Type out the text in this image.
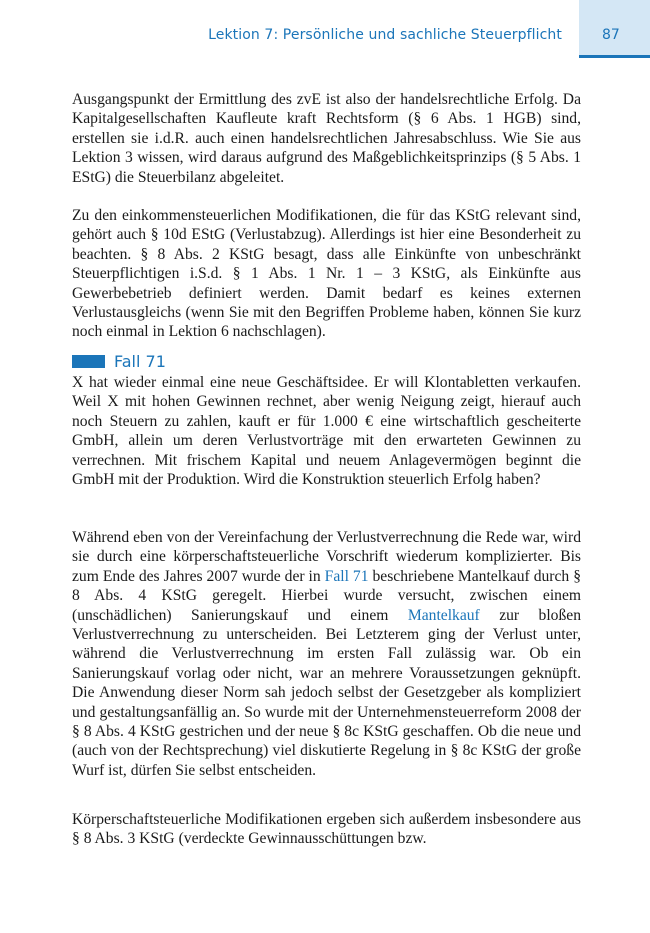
Lektion 7: Persönliche und sachliche Steuerpflicht	87

Ausgangspunkt der Ermittlung des zvE ist also der handelsrechtliche Erfolg. Da Kapitalgesellschaften Kaufleute kraft Rechtsform (§ 6 Abs. 1 HGB) sind, erstellen sie i.d.R. auch einen handelsrechtlichen Jahresabschluss. Wie Sie aus Lektion 3 wissen, wird daraus aufgrund des Maßgeblichkeitsprinzips (§ 5 Abs. 1 EStG) die Steuerbilanz abgeleitet.

Zu den einkommensteuerlichen Modifikationen, die für das KStG relevant sind, gehört auch § 10d EStG (Verlustabzug). Allerdings ist hier eine Besonderheit zu beachten. § 8 Abs. 2 KStG besagt, dass alle Einkünfte von unbeschränkt Steuerpflichtigen i.S.d. § 1 Abs. 1 Nr. 1 – 3 KStG, als Einkünfte aus Gewerbebetrieb definiert werden. Damit bedarf es keines externen Verlustausgleichs (wenn Sie mit den Begriffen Probleme haben, können Sie kurz noch einmal in Lektion 6 nachschlagen).

Fall 71

X hat wieder einmal eine neue Geschäftsidee. Er will Klontabletten verkaufen. Weil X mit hohen Gewinnen rechnet, aber wenig Neigung zeigt, hierauf auch noch Steuern zu zahlen, kauft er für 1.000 € eine wirtschaftlich gescheiterte GmbH, allein um deren Verlustvorträge mit den erwarteten Gewinnen zu verrechnen. Mit frischem Kapital und neuem Anlagevermögen beginnt die GmbH mit der Produktion. Wird die Konstruktion steuerlich Erfolg haben?

Während eben von der Vereinfachung der Verlustverrechnung die Rede war, wird sie durch eine körperschaftsteuerliche Vorschrift wiederum komplizierter. Bis zum Ende des Jahres 2007 wurde der in Fall 71 beschriebene Mantelkauf durch § 8 Abs. 4 KStG geregelt. Hierbei wurde versucht, zwischen einem (unschädlichen) Sanierungskauf und einem Mantelkauf zur bloßen Verlustverrechnung zu unterscheiden. Bei Letzterem ging der Verlust unter, während die Verlustverrechnung im ersten Fall zulässig war. Ob ein Sanierungskauf vorlag oder nicht, war an mehrere Voraussetzungen geknüpft. Die Anwendung dieser Norm sah jedoch selbst der Gesetzgeber als kompliziert und gestaltungsanfällig an. So wurde mit der Unternehmensteuerreform 2008 der § 8 Abs. 4 KStG gestrichen und der neue § 8c KStG geschaffen. Ob die neue und (auch von der Rechtsprechung) viel diskutierte Regelung in § 8c KStG der große Wurf ist, dürfen Sie selbst entscheiden.

Körperschaftsteuerliche Modifikationen ergeben sich außerdem insbesondere aus § 8 Abs. 3 KStG (verdeckte Gewinnausschüttungen bzw.
